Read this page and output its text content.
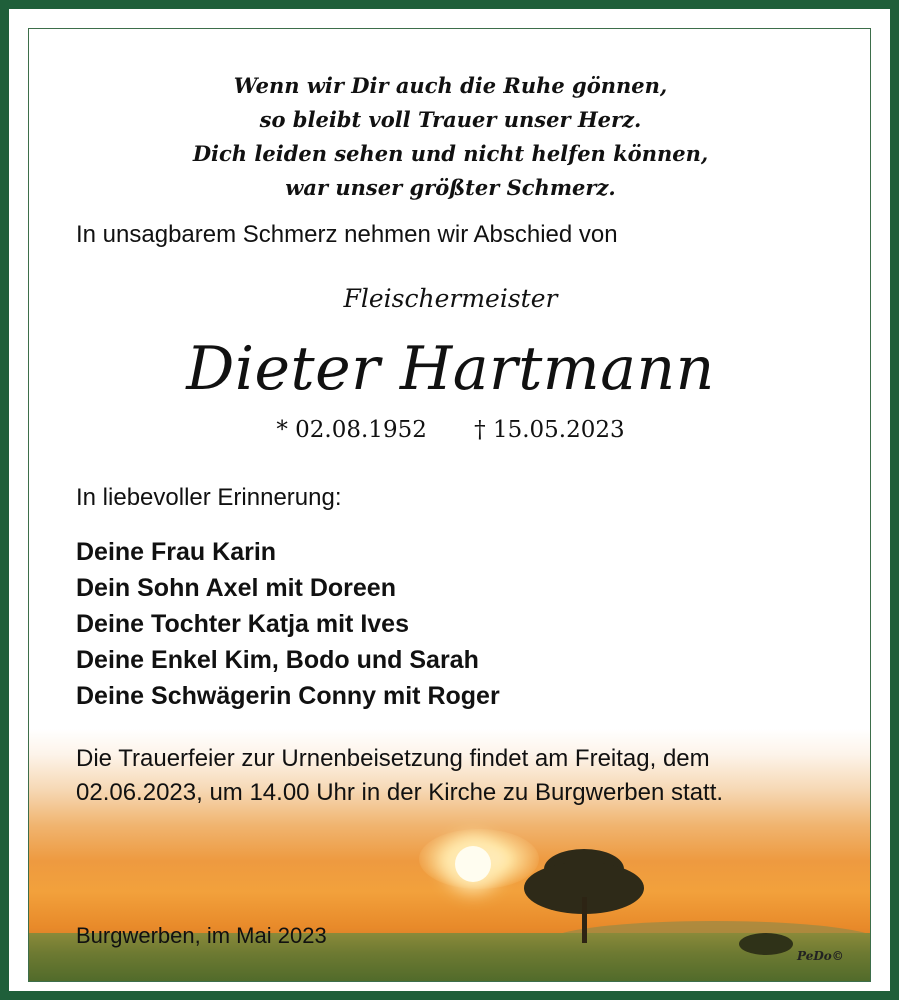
Wenn wir Dir auch die Ruhe gönnen,
so bleibt voll Trauer unser Herz.
Dich leiden sehen und nicht helfen können,
war unser größter Schmerz.
In unsagbarem Schmerz nehmen wir Abschied von
Fleischermeister
Dieter Hartmann
* 02.08.1952 † 15.05.2023
In liebevoller Erinnerung:
Deine Frau Karin
Dein Sohn Axel mit Doreen
Deine Tochter Katja mit Ives
Deine Enkel Kim, Bodo und Sarah
Deine Schwägerin Conny mit Roger
Die Trauerfeier zur Urnenbeisetzung findet am Freitag, dem
02.06.2023, um 14.00 Uhr in der Kirche zu Burgwerben statt.
Burgwerben, im Mai 2023
PeDo©
